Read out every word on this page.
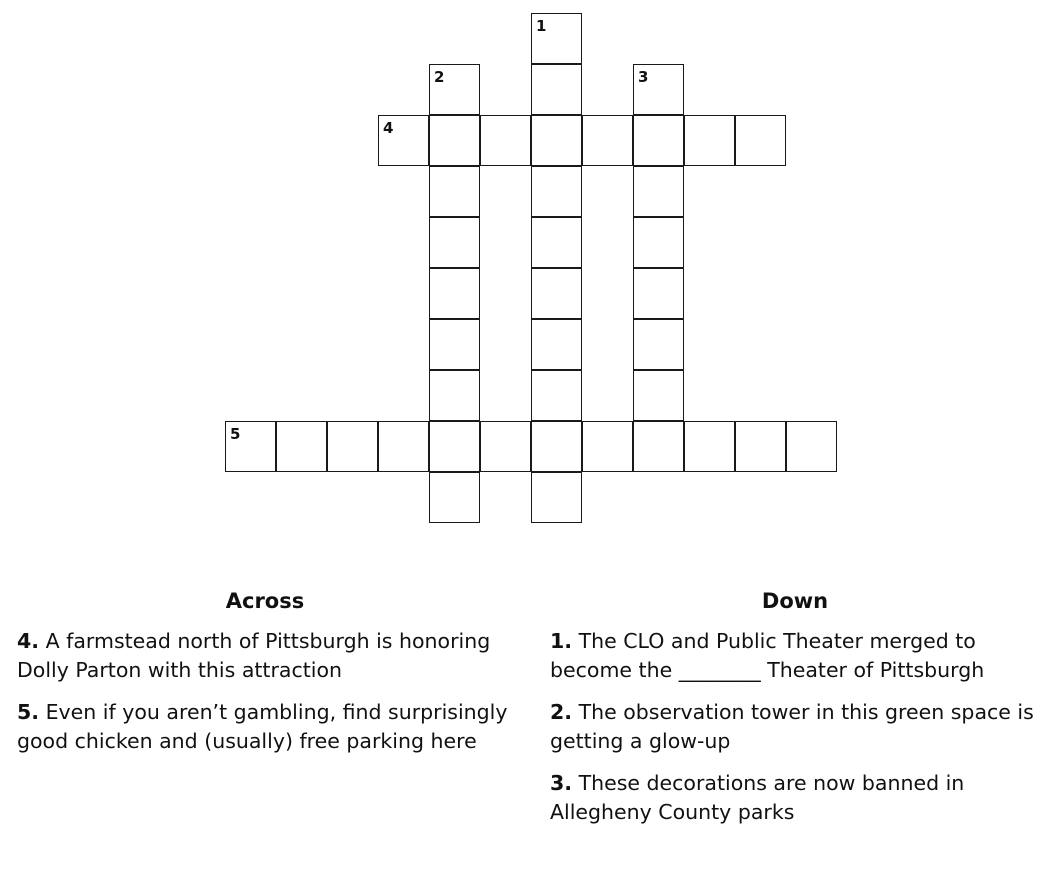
1
2	3
4
5
Across
4. A farmstead north of Pittsburgh is honoring Dolly Parton with this attraction
5. Even if you aren’t gambling, find surprisingly good chicken and (usually) free parking here
Down
1. The CLO and Public Theater merged to become the ________ Theater of Pittsburgh
2. The observation tower in this green space is getting a glow-up
3. These decorations are now banned in Allegheny County parks
